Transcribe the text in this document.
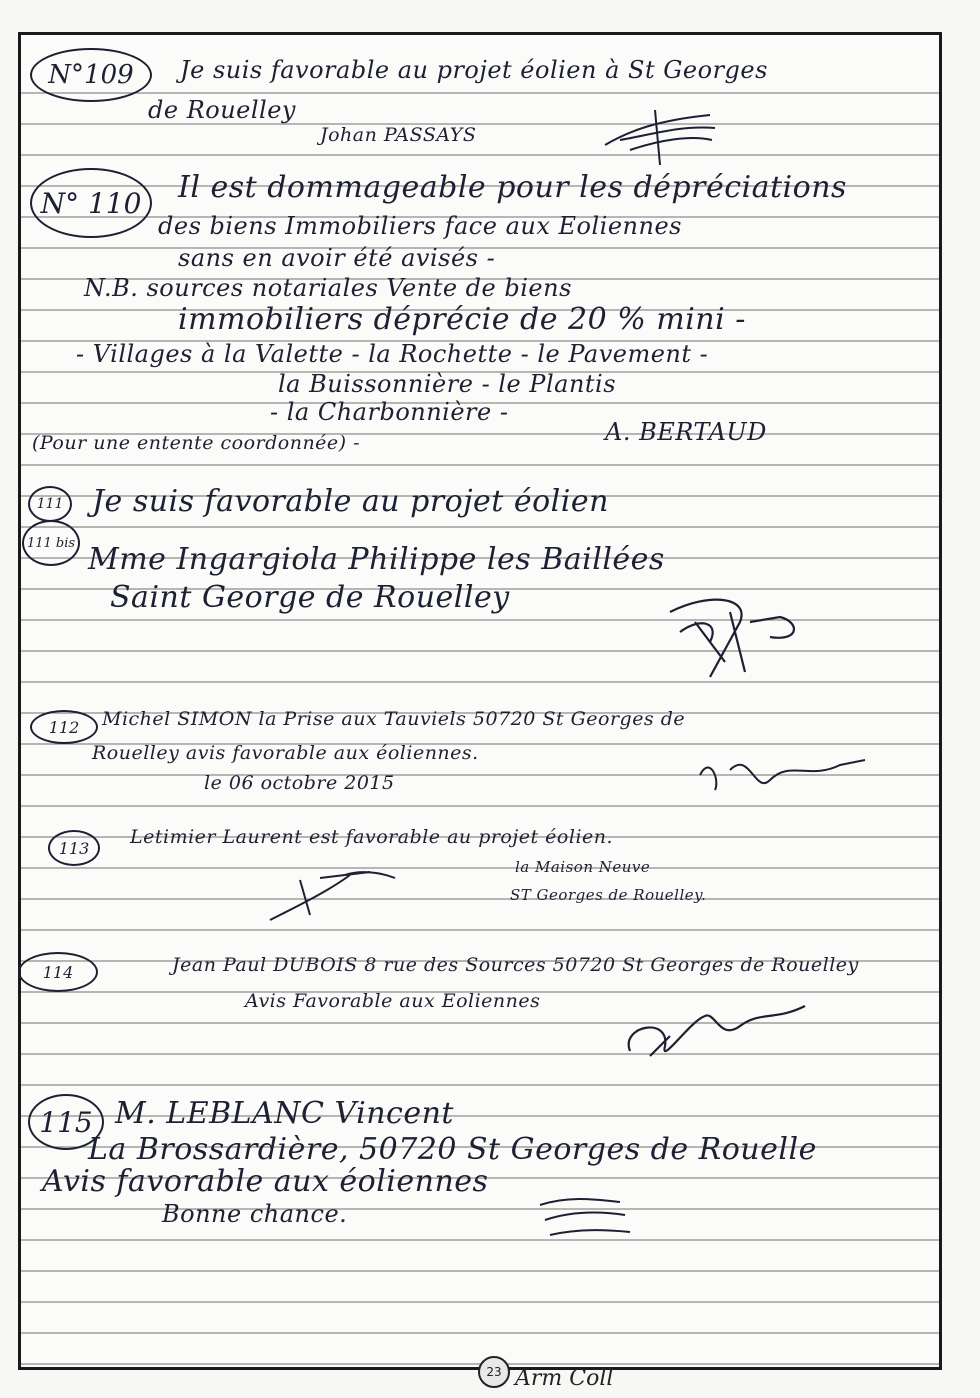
N°109 Je suis favorable au projet éolien à St Georges
de Rouelley
Johan PASSAYS
N° 110 Il est dommageable pour les dépréciations
des biens Immobiliers face aux Eoliennes
sans en avoir été avisés -
N.B. sources notariales Vente de biens
immobiliers déprécie de 20 % mini -
- Villages à la Valette - la Rochette - le Pavement -
la Buissonnière - le Plantis
- la Charbonnière -
(Pour une entente coordonnée) -	A. BERTAUD
111
111 bis
Je suis favorable au projet éolien
Mme Ingargiola Philippe les Baillées
Saint George de Rouelley
112 Michel SIMON la Prise aux Tauviels 50720 St Georges de
Rouelley avis favorable aux éoliennes.
le 06 octobre 2015
113 Letimier Laurent est favorable au projet éolien.
la Maison Neuve
ST Georges de Rouelley.
114	Jean Paul DUBOIS 8 rue des Sources 50720 St Georges de Rouelley
Avis Favorable aux Eoliennes
115 M. LEBLANC Vincent
La Brossardière, 50720 St Georges de Rouelle
Avis favorable aux éoliennes
Bonne chance.
23 Arm Coll
